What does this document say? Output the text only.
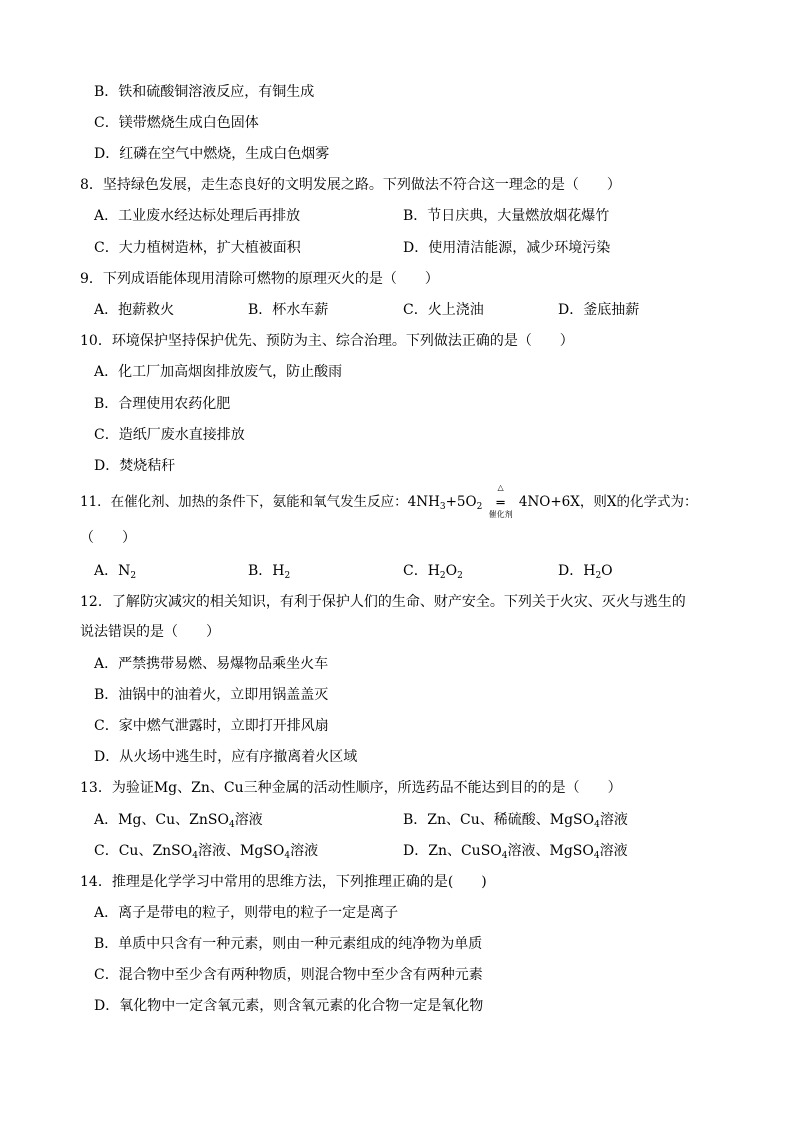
B．铁和硫酸铜溶液反应，有铜生成
C．镁带燃烧生成白色固体
D．红磷在空气中燃烧，生成白色烟雾
8．坚持绿色发展，走生态良好的文明发展之路。下列做法不符合这一理念的是（　　）
A．工业废水经达标处理后再排放	B．节日庆典，大量燃放烟花爆竹
C．大力植树造林，扩大植被面积	D．使用清洁能源，减少环境污染
9．下列成语能体现用清除可燃物的原理灭火的是（　　）
A．抱薪救火	B．杯水车薪	C．火上浇油	D．釜底抽薪
10．环境保护坚持保护优先、预防为主、综合治理。下列做法正确的是（　　）
A．化工厂加高烟囱排放废气，防止酸雨
B．合理使用农药化肥
C．造纸厂废水直接排放
D．焚烧秸秆
11．在催化剂、加热的条件下，氨能和氧气发生反应：$4NH_3+5O_2$
△
═
催化剂
4NO+6X，则X的化学式为：
（　　）
A．$N_2$	B．$H_2$	C．$H_2O_2$	D．$H_2O$
12．了解防灾减灾的相关知识，有利于保护人们的生命、财产安全。下列关于火灾、灭火与逃生的
说法错误的是（　　）
A．严禁携带易燃、易爆物品乘坐火车
B．油锅中的油着火，立即用锅盖盖灭
C．家中燃气泄露时，立即打开排风扇
D．从火场中逃生时，应有序撤离着火区域
13．为验证Mg、Zn、Cu三种金属的活动性顺序，所选药品不能达到目的的是（　　）
A．Mg、Cu、ZnSO$_4$溶液	B．Zn、Cu、稀硫酸、MgSO$_4$溶液
C．Cu、ZnSO$_4$溶液、MgSO$_4$溶液	D．Zn、CuSO$_4$溶液、MgSO$_4$溶液
14．推理是化学学习中常用的思维方法，下列推理正确的是(　　)
A．离子是带电的粒子，则带电的粒子一定是离子
B．单质中只含有一种元素，则由一种元素组成的纯净物为单质
C．混合物中至少含有两种物质，则混合物中至少含有两种元素
D．氧化物中一定含氧元素，则含氧元素的化合物一定是氧化物
